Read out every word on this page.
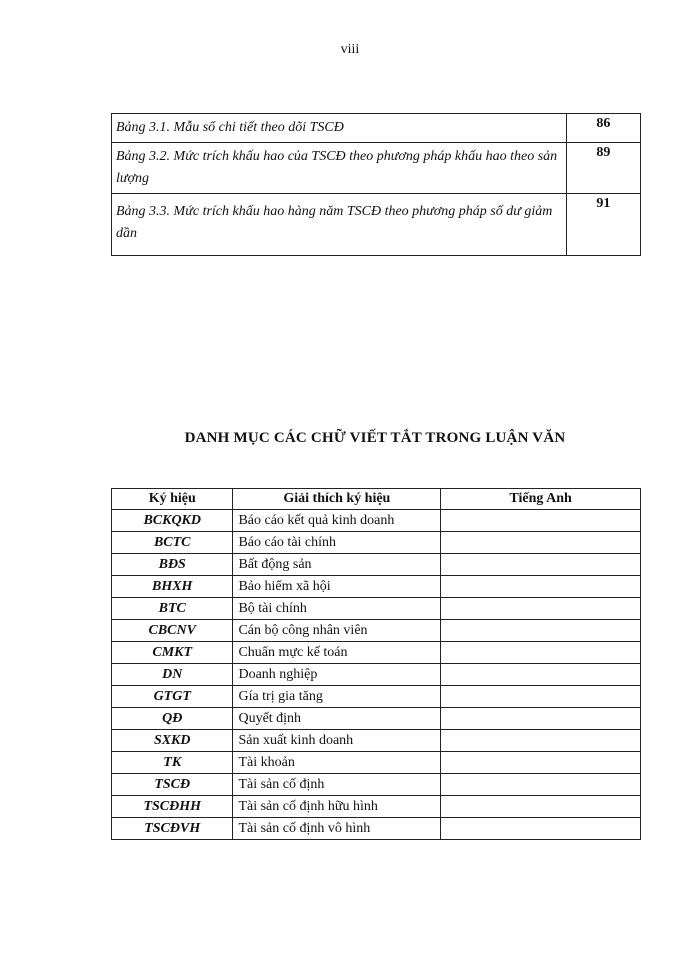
viii
Bảng 3.1. Mẫu sổ chi tiết theo dõi TSCĐ	86
Bảng 3.2. Mức trích khấu hao của TSCĐ theo phương pháp khấu hao theo sản lượng	89
Bảng 3.3. Mức trích khấu hao hàng năm TSCĐ theo phương pháp số dư giảm dần	91
DANH MỤC CÁC CHỮ VIẾT TẮT TRONG LUẬN VĂN
Ký hiệu	Giải thích ký hiệu	Tiếng Anh
BCKQKD	Báo cáo kết quả kinh doanh	
BCTC	Báo cáo tài chính	
BĐS	Bất động sản	
BHXH	Bảo hiểm xã hội	
BTC	Bộ tài chính	
CBCNV	Cán bộ công nhân viên	
CMKT	Chuẩn mực kế toán	
DN	Doanh nghiệp	
GTGT	Gía trị gia tăng	
QĐ	Quyết định	
SXKD	Sản xuất kinh doanh	
TK	Tài khoản	
TSCĐ	Tài sản cố định	
TSCĐHH	Tài sản cố định hữu hình	
TSCĐVH	Tài sản cố định vô hình	
